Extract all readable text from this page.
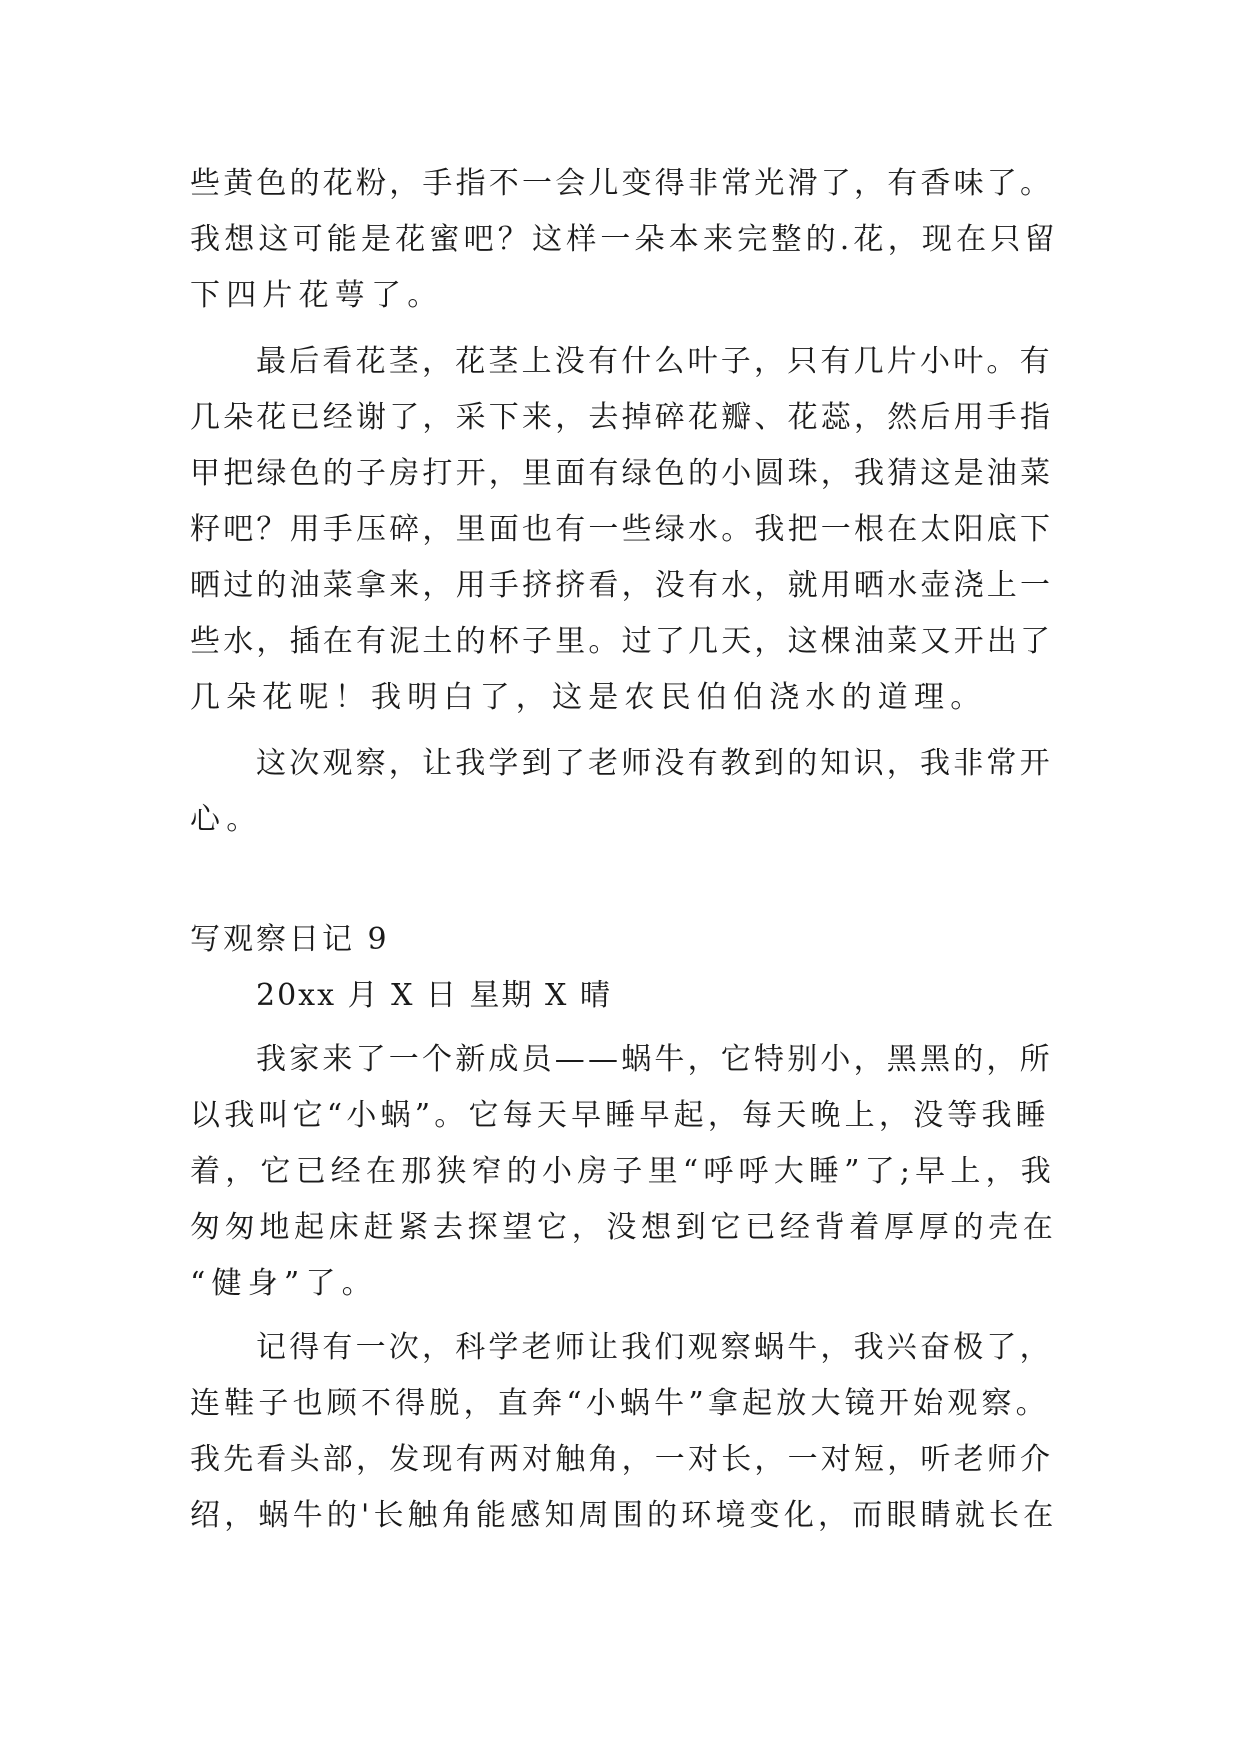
些黄色的花粉，手指不一会儿变得非常光滑了，有香味了。
我想这可能是花蜜吧？这样一朵本来完整的.花，现在只留
下四片花萼了。
最后看花茎，花茎上没有什么叶子，只有几片小叶。有
几朵花已经谢了，采下来，去掉碎花瓣、花蕊，然后用手指
甲把绿色的子房打开，里面有绿色的小圆珠，我猜这是油菜
籽吧？用手压碎，里面也有一些绿水。我把一根在太阳底下
晒过的油菜拿来，用手挤挤看，没有水，就用晒水壶浇上一
些水，插在有泥土的杯子里。过了几天，这棵油菜又开出了
几朵花呢！我明白了，这是农民伯伯浇水的道理。
这次观察，让我学到了老师没有教到的知识，我非常开
心。
写观察日记 9
20xx 月 X 日 星期 X 晴
我家来了一个新成员——蜗牛，它特别小，黑黑的，所
以我叫它“小蜗”。它每天早睡早起，每天晚上，没等我睡
着，它已经在那狭窄的小房子里“呼呼大睡”了;早上，我
匆匆地起床赶紧去探望它，没想到它已经背着厚厚的壳在
“健身”了。
记得有一次，科学老师让我们观察蜗牛，我兴奋极了，
连鞋子也顾不得脱，直奔“小蜗牛”拿起放大镜开始观察。
我先看头部，发现有两对触角，一对长，一对短，听老师介
绍，蜗牛的'长触角能感知周围的环境变化，而眼睛就长在
